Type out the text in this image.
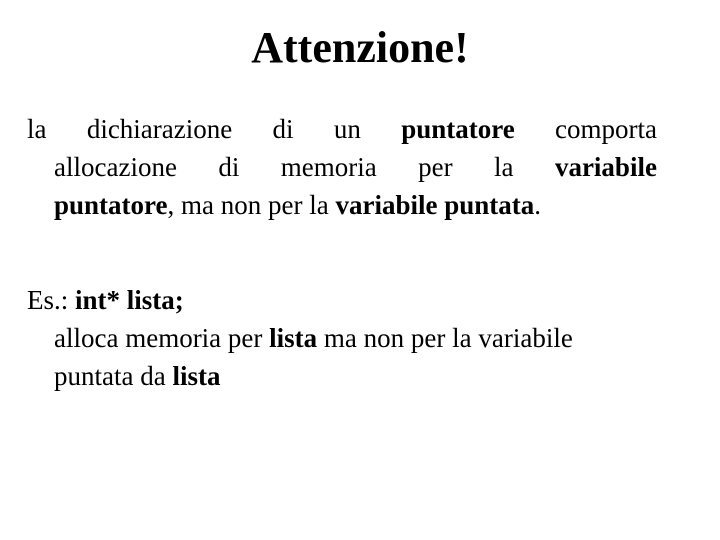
Attenzione!
la dichiarazione di un puntatore comporta
allocazione di memoria per la variabile
puntatore , ma non per la variabile puntata .
Es.: int* lista;
alloca memoria per lista ma non per la variabile
puntata da lista
